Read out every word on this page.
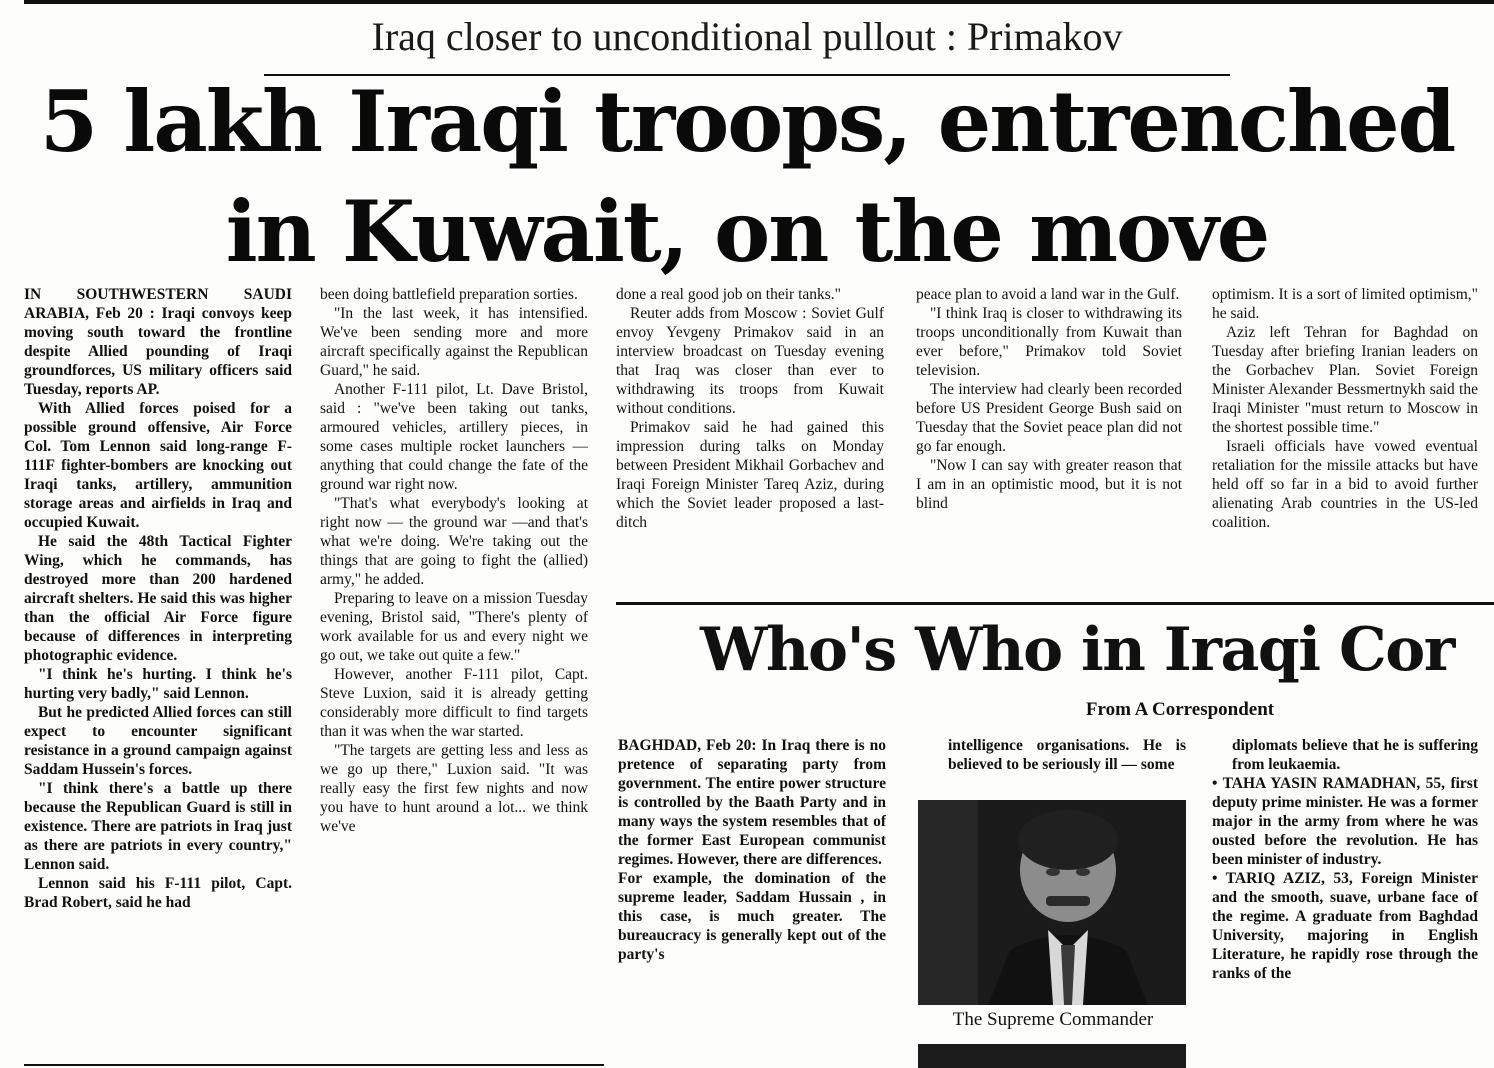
Iraq closer to unconditional pullout : Primakov
5 lakh Iraqi troops, entrenched
in Kuwait, on the move

IN SOUTHWESTERN SAUDI ARABIA, Feb 20 : Iraqi convoys keep moving south toward the frontline despite Allied pounding of Iraqi groundforces, US military officers said Tuesday, reports AP.

With Allied forces poised for a possible ground offensive, Air Force Col. Tom Lennon said long-range F-111F fighter-bombers are knocking out Iraqi tanks, artillery, ammunition storage areas and airfields in Iraq and occupied Kuwait.

He said the 48th Tactical Fighter Wing, which he commands, has destroyed more than 200 hardened aircraft shelters. He said this was higher than the official Air Force figure because of differences in interpreting photographic evidence.

"I think he's hurting. I think he's hurting very badly," said Lennon.

But he predicted Allied forces can still expect to encounter significant resistance in a ground campaign against Saddam Hussein's forces.

"I think there's a battle up there because the Republican Guard is still in existence. There are patriots in Iraq just as there are patriots in every country," Lennon said.

Lennon said his F-111 pilot, Capt. Brad Robert, said he had

been doing battlefield preparation sorties.

"In the last week, it has intensified. We've been sending more and more aircraft specifically against the Republican Guard," he said.

Another F-111 pilot, Lt. Dave Bristol, said : "we've been taking out tanks, armoured vehicles, artillery pieces, in some cases multiple rocket launchers — anything that could change the fate of the ground war right now.

"That's what everybody's looking at right now — the ground war —and that's what we're doing. We're taking out the things that are going to fight the (allied) army," he added.

Preparing to leave on a mission Tuesday evening, Bristol said, "There's plenty of work available for us and every night we go out, we take out quite a few."

However, another F-111 pilot, Capt. Steve Luxion, said it is already getting considerably more difficult to find targets than it was when the war started.

"The targets are getting less and less as we go up there," Luxion said. "It was really easy the first few nights and now you have to hunt around a lot... we think we've

done a real good job on their tanks."

Reuter adds from Moscow : Soviet Gulf envoy Yevgeny Primakov said in an interview broadcast on Tuesday evening that Iraq was closer than ever to withdrawing its troops from Kuwait without conditions.

Primakov said he had gained this impression during talks on Monday between President Mikhail Gorbachev and Iraqi Foreign Minister Tareq Aziz, during which the Soviet leader proposed a last-ditch

peace plan to avoid a land war in the Gulf.

"I think Iraq is closer to withdrawing its troops unconditionally from Kuwait than ever before," Primakov told Soviet television.

The interview had clearly been recorded before US President George Bush said on Tuesday that the Soviet peace plan did not go far enough.

"Now I can say with greater reason that I am in an optimistic mood, but it is not blind

optimism. It is a sort of limited optimism," he said.

Aziz left Tehran for Baghdad on Tuesday after briefing Iranian leaders on the Gorbachev Plan. Soviet Foreign Minister Alexander Bessmertnykh said the Iraqi Minister "must return to Moscow in the shortest possible time."

Israeli officials have vowed eventual retaliation for the missile attacks but have held off so far in a bid to avoid further alienating Arab countries in the US-led coalition.

Who's Who in Iraqi Cor
From A Correspondent

BAGHDAD, Feb 20: In Iraq there is no pretence of separating party from government. The entire power structure is controlled by the Baath Party and in many ways the system resembles that of the former East European communist regimes. However, there are differences.

For example, the domination of the supreme leader, Saddam Hussain , in this case, is much greater. The bureaucracy is generally kept out of the party's

intelligence organisations. He is believed to be seriously ill — some

The Supreme Commander

diplomats believe that he is suffering from leukaemia.

• TAHA YASIN RAMADHAN, 55, first deputy prime minister. He was a former major in the army from where he was ousted before the revolution. He has been minister of industry.

• TARIQ AZIZ, 53, Foreign Minister and the smooth, suave, urbane face of the regime. A graduate from Baghdad University, majoring in English Literature, he rapidly rose through the ranks of the
